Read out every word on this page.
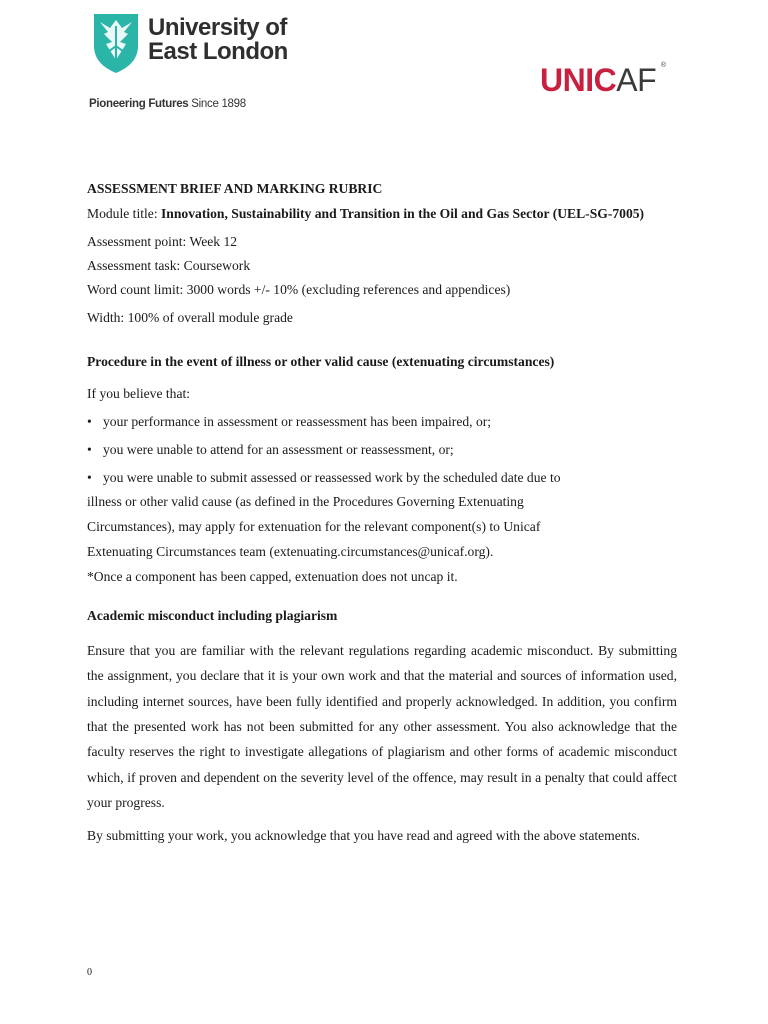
University of
East London
Pioneering Futures Since 1898
UNICAF ®

ASSESSMENT BRIEF AND MARKING RUBRIC

Module title: Innovation, Sustainability and Transition in the Oil and Gas Sector (UEL-SG-7005)

Assessment point: Week 12

Assessment task: Coursework

Word count limit: 3000 words +/- 10% (excluding references and appendices)

Width: 100% of overall module grade

Procedure in the event of illness or other valid cause (extenuating circumstances)

If you believe that:

• your performance in assessment or reassessment has been impaired, or;
• you were unable to attend for an assessment or reassessment, or;
• you were unable to submit assessed or reassessed work by the scheduled date due to

illness or other valid cause (as defined in the Procedures Governing Extenuating

Circumstances), may apply for extenuation for the relevant component(s) to Unicaf

Extenuating Circumstances team (extenuating.circumstances@unicaf.org).

*Once a component has been capped, extenuation does not uncap it.

Academic misconduct including plagiarism

Ensure that you are familiar with the relevant regulations regarding academic misconduct. By submitting the assignment, you declare that it is your own work and that the material and sources of information used, including internet sources, have been fully identified and properly acknowledged. In addition, you confirm that the presented work has not been submitted for any other assessment. You also acknowledge that the faculty reserves the right to investigate allegations of plagiarism and other forms of academic misconduct which, if proven and dependent on the severity level of the offence, may result in a penalty that could affect your progress.

By submitting your work, you acknowledge that you have read and agreed with the above statements.

0
